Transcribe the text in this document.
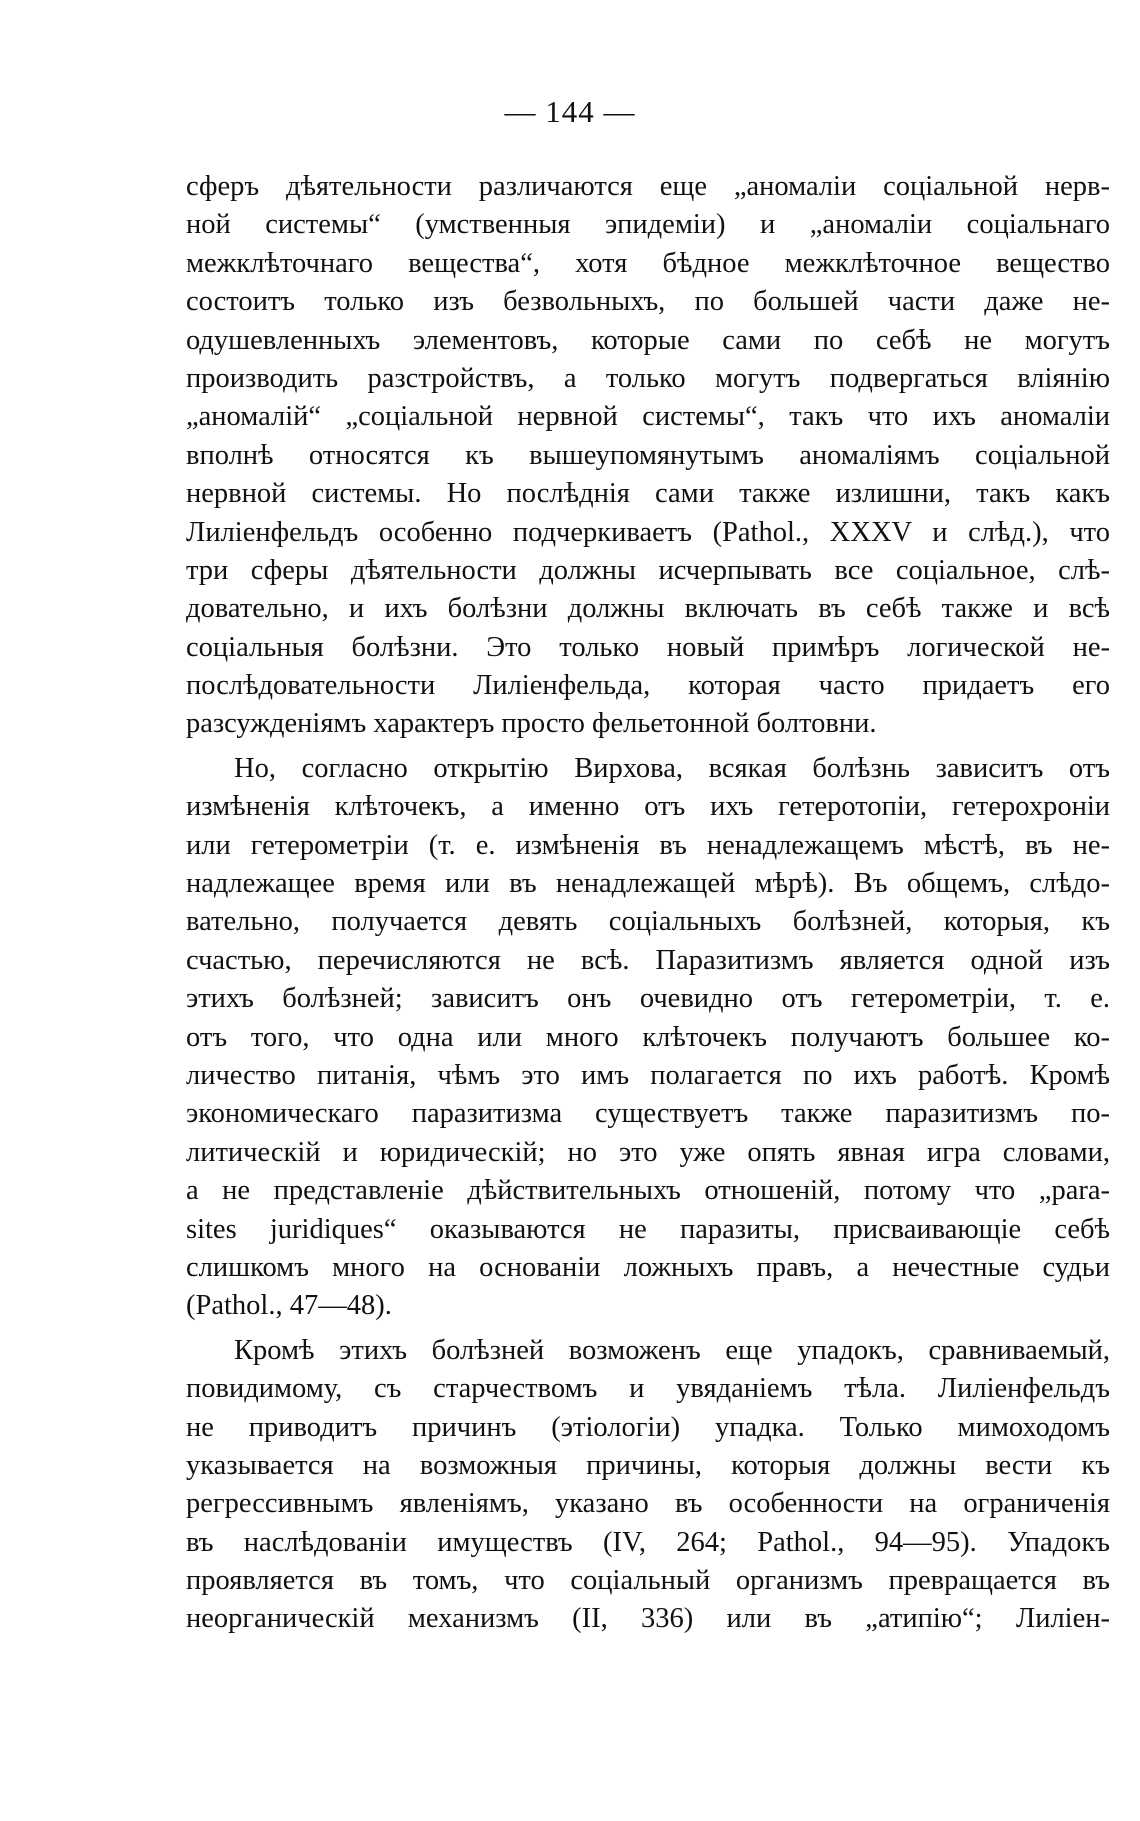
— 144 —
сферъ дѣятельности различаются еще „аномаліи соціальной нерв-
ной системы“ (умственныя эпидеміи) и „аномаліи соціальнаго
межклѣточнаго вещества“, хотя бѣдное межклѣточное вещество
состоитъ только изъ безвольныхъ, по большей части даже не-
одушевленныхъ элементовъ, которые сами по себѣ не могутъ
производить разстройствъ, а только могутъ подвергаться вліянію
„аномалій“ „соціальной нервной системы“, такъ что ихъ аномаліи
вполнѣ относятся къ вышеупомянутымъ аномаліямъ соціальной
нервной системы. Но послѣднія сами также излишни, такъ какъ
Лиліенфельдъ особенно подчеркиваетъ (Pathol., XXXV и слѣд.), что
три сферы дѣятельности должны исчерпывать все соціальное, слѣ-
довательно, и ихъ болѣзни должны включать въ себѣ также и всѣ
соціальныя болѣзни. Это только новый примѣръ логической не-
послѣдовательности Лиліенфельда, которая часто придаетъ его
разсужденіямъ характеръ просто фельетонной болтовни.
Но, согласно открытію Вирхова, всякая болѣзнь зависитъ отъ
измѣненія клѣточекъ, а именно отъ ихъ гетеротопіи, гетерохроніи
или гетерометріи (т. е. измѣненія въ ненадлежащемъ мѣстѣ, въ не-
надлежащее время или въ ненадлежащей мѣрѣ). Въ общемъ, слѣдо-
вательно, получается девять соціальныхъ болѣзней, которыя, къ
счастью, перечисляются не всѣ. Паразитизмъ является одной изъ
этихъ болѣзней; зависитъ онъ очевидно отъ гетерометріи, т. е.
отъ того, что одна или много клѣточекъ получаютъ большее ко-
личество питанія, чѣмъ это имъ полагается по ихъ работѣ. Кромѣ
экономическаго паразитизма существуетъ также паразитизмъ по-
литическій и юридическій; но это уже опять явная игра словами,
а не представленіе дѣйствительныхъ отношеній, потому что „para-
sites juridiques“ оказываются не паразиты, присваивающіе себѣ
слишкомъ много на основаніи ложныхъ правъ, а нечестные судьи
(Pathol., 47—48).
Кромѣ этихъ болѣзней возможенъ еще упадокъ, сравниваемый,
повидимому, съ старчествомъ и увяданіемъ тѣла. Лиліенфельдъ
не приводитъ причинъ (этіологіи) упадка. Только мимоходомъ
указывается на возможныя причины, которыя должны вести къ
регрессивнымъ явленіямъ, указано въ особенности на ограниченія
въ наслѣдованіи имуществъ (IV, 264; Pathol., 94—95). Упадокъ
проявляется въ томъ, что соціальный организмъ превращается въ
неорганическій механизмъ (II, 336) или въ „атипію“; Лиліен-
